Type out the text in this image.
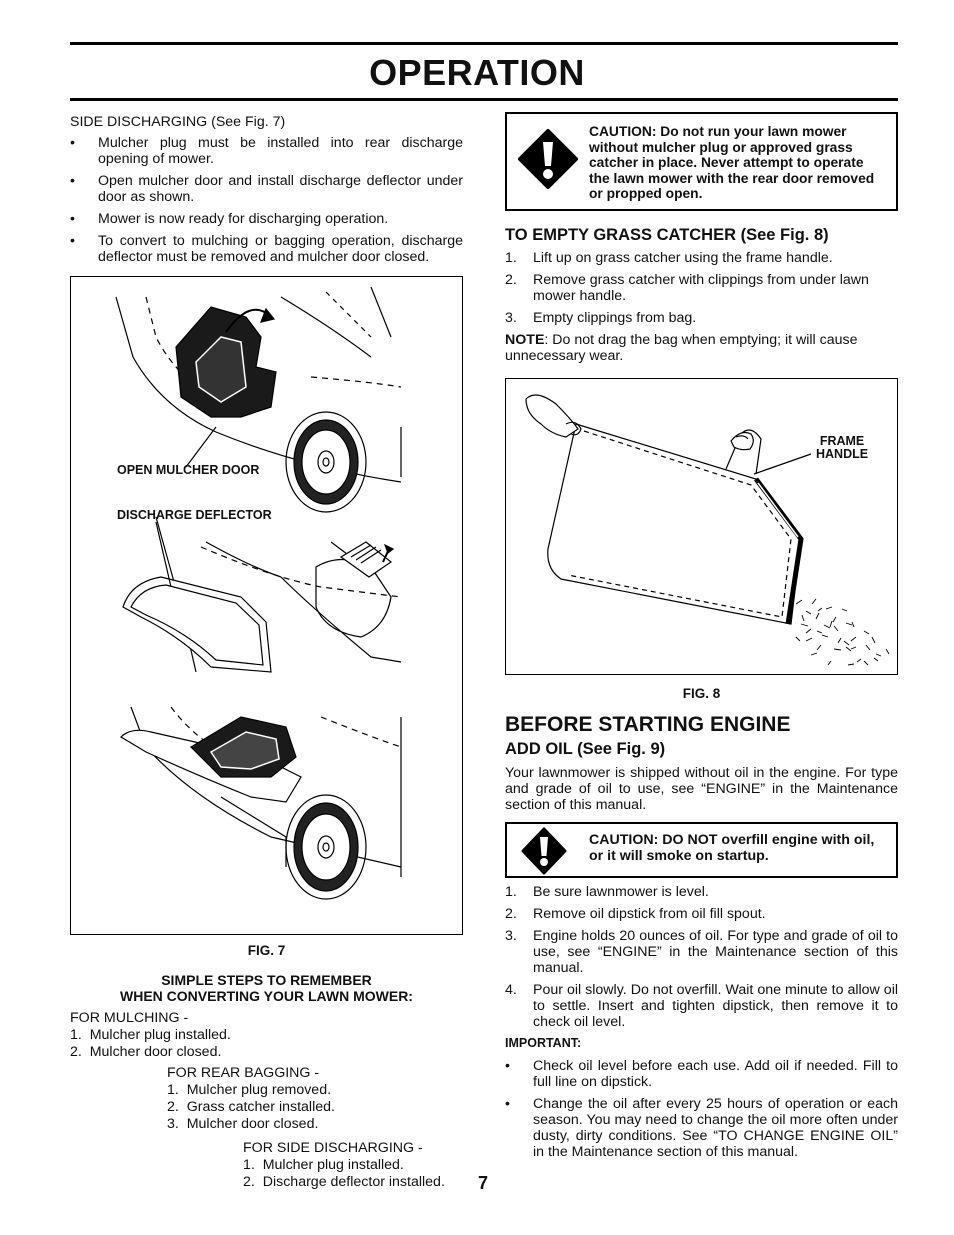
OPERATION

SIDE DISCHARGING (See Fig. 7)

• Mulcher plug must be installed into rear discharge opening of mower.
• Open mulcher door and install discharge deflector under door as shown.
• Mower is now ready for discharging operation.
• To convert to mulching or bagging operation, discharge deflector must be removed and mulcher door closed.
OPEN MULCHER DOOR
DISCHARGE DEFLECTOR
FIG. 7
SIMPLE STEPS TO REMEMBER
WHEN CONVERTING YOUR LAWN MOWER:
FOR MULCHING -
1.  Mulcher plug installed.
2.  Mulcher door closed.
FOR REAR BAGGING -
1.  Mulcher plug removed.
2.  Grass catcher installed.
3.  Mulcher door closed.
FOR SIDE DISCHARGING -
1.  Mulcher plug installed.
2.  Discharge deflector installed. 7
CAUTION: Do not run your lawn mower without mulcher plug or approved grass catcher in place. Never attempt to operate the lawn mower with the rear door removed or propped open.
TO EMPTY GRASS CATCHER (See Fig. 8)
1. Lift up on grass catcher using the frame handle.
2. Remove grass catcher with clippings from under lawn mower handle.
3. Empty clippings from bag.

NOTE: Do not drag the bag when emptying; it will cause unnecessary wear.

FRAME
HANDLE
FIG. 8
BEFORE STARTING ENGINE
ADD OIL (See Fig. 9)

Your lawnmower is shipped without oil in the engine. For type and grade of oil to use, see “ENGINE” in the Maintenance section of this manual.

CAUTION: DO NOT overfill engine with oil, or it will smoke on startup.
1. Be sure lawnmower is level.
2. Remove oil dipstick from oil fill spout.
3. Engine holds 20 ounces of oil. For type and grade of oil to use, see “ENGINE” in the Maintenance section of this manual.
4. Pour oil slowly. Do not overfill. Wait one minute to allow oil to settle. Insert and tighten dipstick, then remove it to check oil level.
IMPORTANT:
• Check oil level before each use. Add oil if needed. Fill to full line on dipstick.
• Change the oil after every 25 hours of operation or each season. You may need to change the oil more often under dusty, dirty conditions. See “TO CHANGE ENGINE OIL” in the Maintenance section of this manual.
